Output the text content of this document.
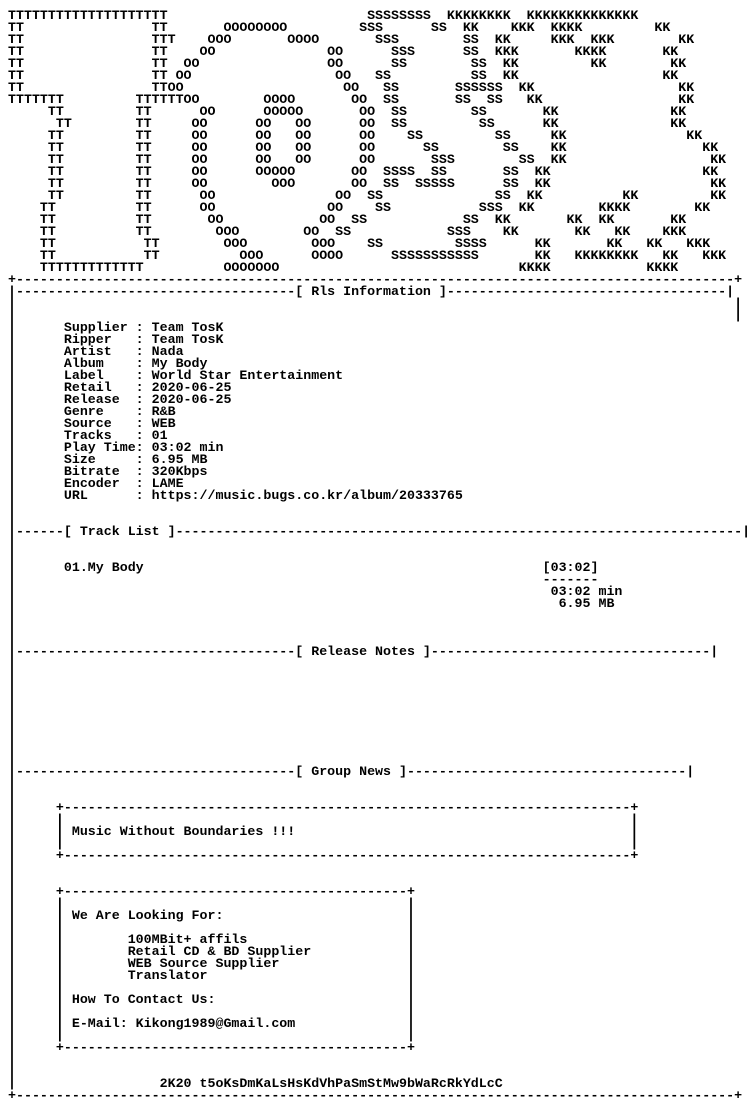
TTTTTTTTTTTTTTTTTTTT                         SSSSSSSS  KKKKKKKK  KKKKKKKKKKKKKK
TT                TT       OOOOOOOO         SSS      SS  KK    KKK  KKKK         KK
TT                TTT    OOO       OOOO       SSS        SS  KK     KKK  KKK        KK
TT                TT    OO              OO      SSS      SS  KKK       KKKK       KK
TT                TT  OO                OO      SS        SS  KK         KK        KK
TT                TT OO                  OO   SS          SS  KK                  KK
TT                TTOO                    OO   SS       SSSSSS  KK                  KK
TTTTTTT         TTTTTTOO        OOOO       OO  SS       SS  SS   KK                 KK
TT         TT      OO      OOOOO       OO  SS        SS       KK              KK
TT        TT     OO      OO   OO      OO  SS         SS      KK              KK
TT         TT     OO      OO   OO      OO    SS         SS     KK               KK
TT         TT     OO      OO   OO      OO      SS        SS    KK                 KK
TT         TT     OO      OO   OO      OO       SSS        SS  KK                  KK
TT         TT     OO      OOOOO       OO  SSSS  SS       SS  KK                   KK
TT         TT     OO        OOO       OO  SS  SSSSS      SS  KK                    KK
TT         TT      OO               OO  SS              SS  KK          KK         KK
TT          TT      OO              OO    SS           SSS  KK        KKKK        KK
TT          TT       OO            OO  SS            SS  KK       KK  KK       KK
TT          TT        OOO        OO  SS            SSS    KK       KK   KK    KKK
TT           TT        OOO        OOO    SS         SSSS      KK       KK   KK   KKK
TT           TT          OOO      OOOO      SSSSSSSSSSS       KK   KKKKKKKK   KK   KKK
TTTTTTTTTTTTT          OOOOOOO                              KKKK            KKKK
+------------------------------------------------------------------------------------------+
|-----------------------------------[ Rls Information ]-----------------------------------|
|                                                                                          |
|                                                                                          |
|      Supplier : Team TosK
|      Ripper   : Team TosK
|      Artist   : Nada
|      Album    : My Body
|      Label    : World Star Entertainment
|      Retail   : 2020-06-25
|      Release  : 2020-06-25
|      Genre    : R&B
|      Source   : WEB
|      Tracks   : 01
|      Play Time: 03:02 min
|      Size     : 6.95 MB
|      Bitrate  : 320Kbps
|      Encoder  : LAME
|      URL      : https://music.bugs.co.kr/album/20333765
|
|
|------[ Track List ]-----------------------------------------------------------------------|
|
|
|      01.My Body                                                  [03:02]
|                                                                  -------
|                                                                   03:02 min
|                                                                    6.95 MB
|
|
|
|-----------------------------------[ Release Notes ]-----------------------------------|
|
|
|
|
|
|
|
|
|
|-----------------------------------[ Group News ]-----------------------------------|
|
|
|     +-----------------------------------------------------------------------+
|     |                                                                       |
|     | Music Without Boundaries !!!                                          |
|     |                                                                       |
|     +-----------------------------------------------------------------------+
|
|
|     +-------------------------------------------+
|     |                                           |
|     | We Are Looking For:                       |
|     |                                           |
|     |        100MBit+ affils                    |
|     |        Retail CD & BD Supplier            |
|     |        WEB Source Supplier                |
|     |        Translator                         |
|     |                                           |
|     | How To Contact Us:                        |
|     |                                           |
|     | E-Mail: Kikong1989@Gmail.com              |
|     |                                           |
|     +-------------------------------------------+
|
|
|                  2K20 t5oKsDmKaLsHsKdVhPaSmStMw9bWaRcRkYdLcC
+------------------------------------------------------------------------------------------+
